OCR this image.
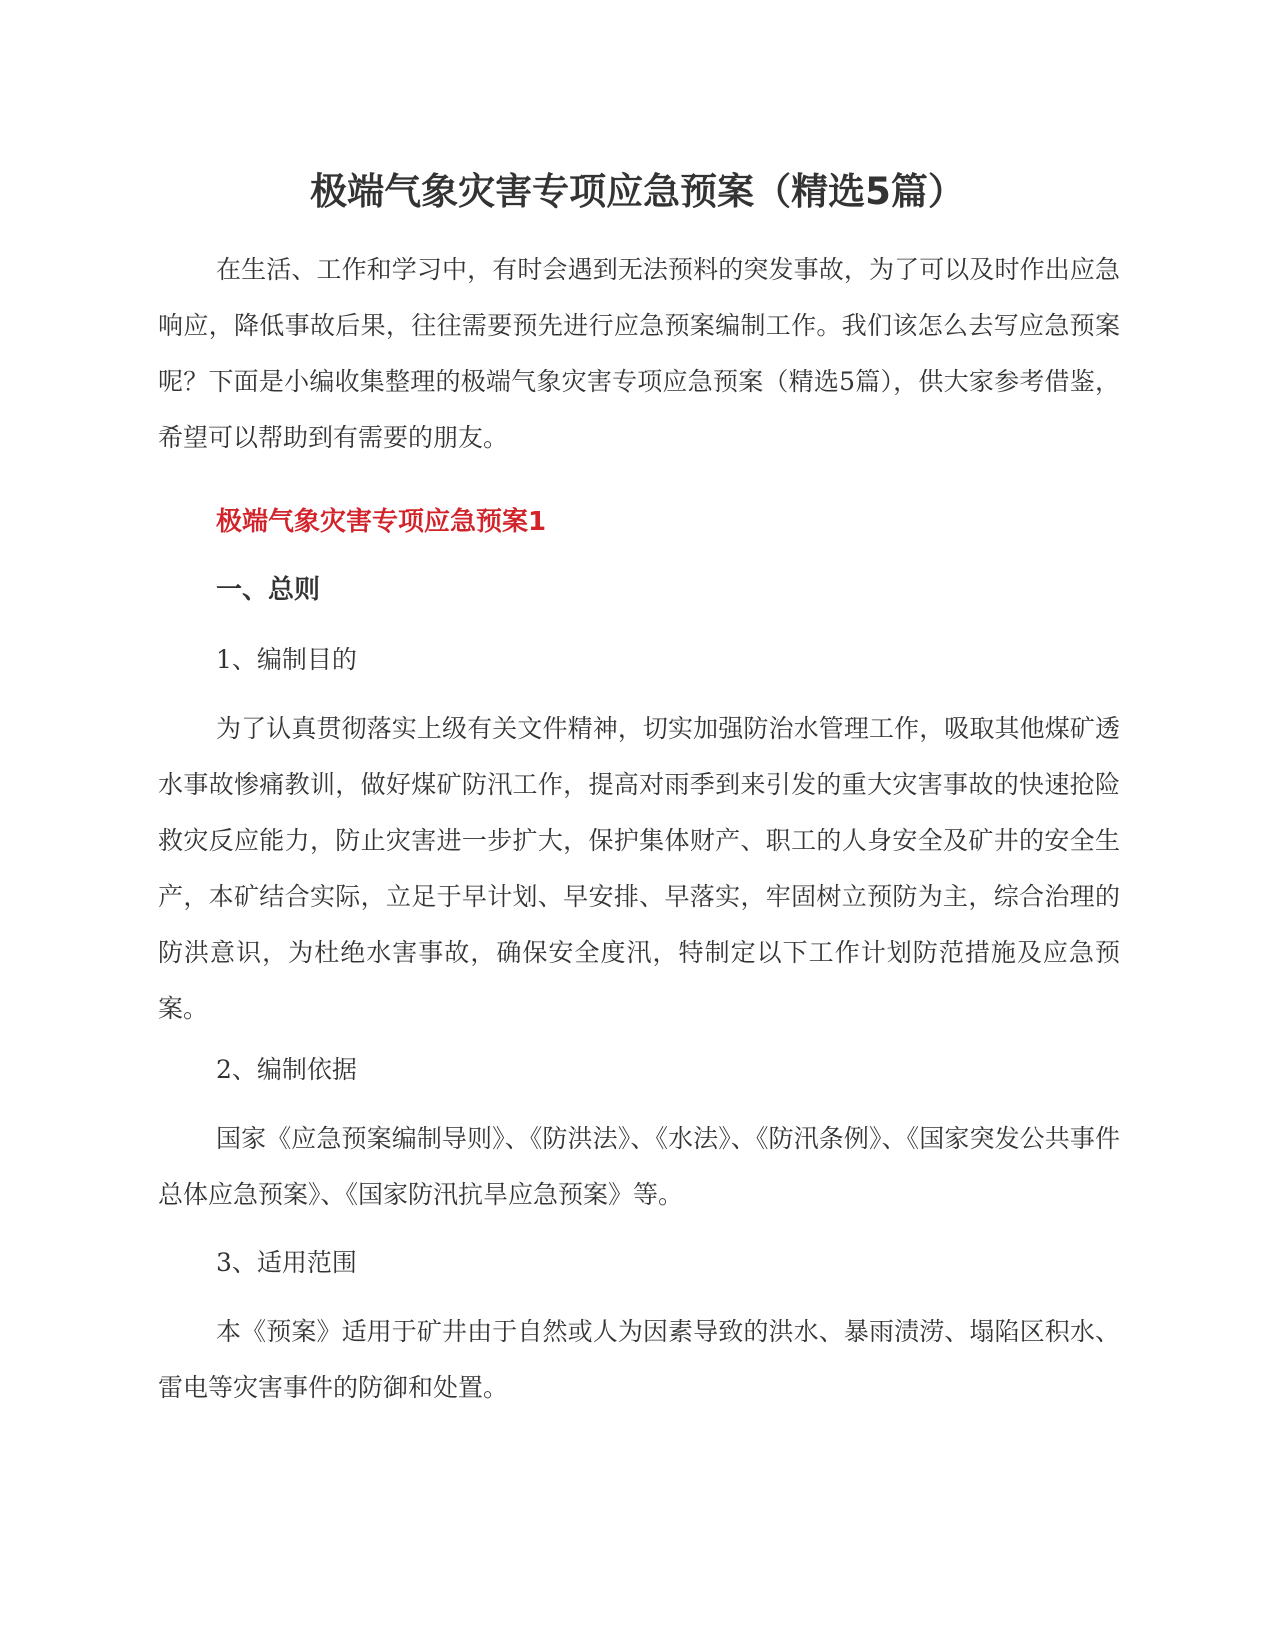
极端气象灾害专项应急预案（精选5篇）

在生活、工作和学习中，有时会遇到无法预料的突发事故，为了可以及时作出应急响应，降低事故后果，往往需要预先进行应急预案编制工作。我们该怎么去写应急预案呢？下面是小编收集整理的极端气象灾害专项应急预案（精选5篇），供大家参考借鉴，希望可以帮助到有需要的朋友。

极端气象灾害专项应急预案1
一、总则
1、编制目的

为了认真贯彻落实上级有关文件精神，切实加强防治水管理工作，吸取其他煤矿透水事故惨痛教训，做好煤矿防汛工作，提高对雨季到来引发的重大灾害事故的快速抢险救灾反应能力，防止灾害进一步扩大，保护集体财产、职工的人身安全及矿井的安全生产，本矿结合实际，立足于早计划、早安排、早落实，牢固树立预防为主，综合治理的防洪意识，为杜绝水害事故，确保安全度汛，特制定以下工作计划防范措施及应急预案。

2、编制依据

国家《应急预案编制导则》、《防洪法》、《水法》、《防汛条例》、《国家突发公共事件总体应急预案》、《国家防汛抗旱应急预案》等。

3、适用范围

本《预案》适用于矿井由于自然或人为因素导致的洪水、暴雨渍涝、塌陷区积水、雷电等灾害事件的防御和处置。
